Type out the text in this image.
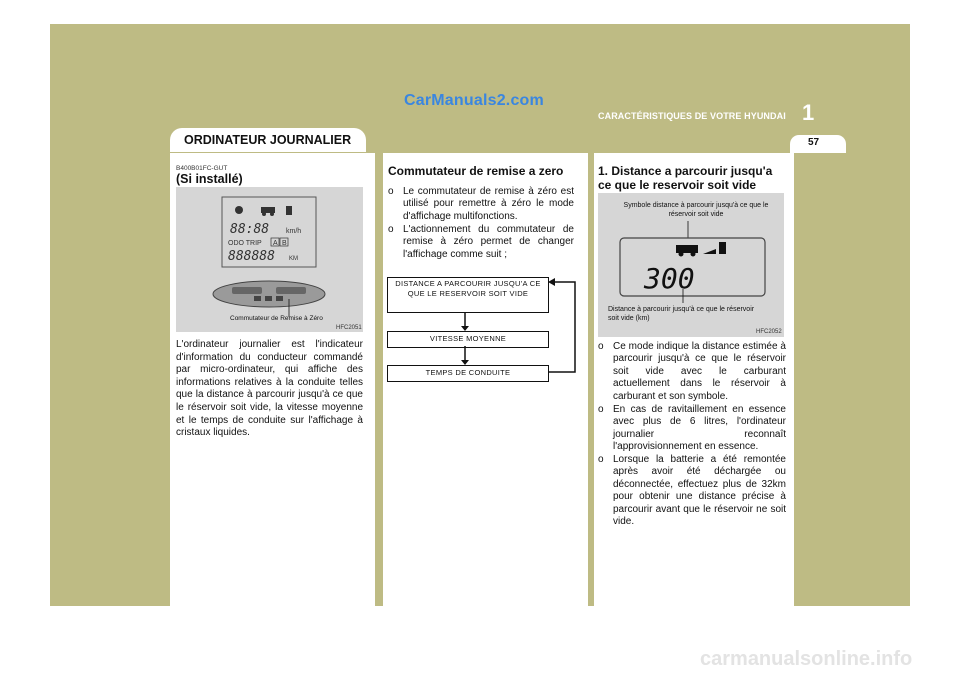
CarManuals2.com
CARACTÉRISTIQUES DE VOTRE HYUNDAI 1
ORDINATEUR JOURNALIER	57
B400B01FC-GUT
(Si installé)
88:88 km/h
ODO TRIP A B
888888 KM
Commutateur de Remise à Zéro
HFC2051
L'ordinateur journalier est l'indicateur d'information du conducteur commandé par micro-ordinateur, qui affiche des informations relatives à la conduite telles que la distance à parcourir jusqu'à ce que le réservoir soit vide, la vitesse moyenne et le temps de conduite sur l'affichage à cristaux liquides.
Commutateur de remise a zero
o Le commutateur de remise à zéro est utilisé pour remettre à zéro le mode d'affichage multifonctions.
o L'actionnement du commutateur de remise à zéro permet de changer l'affichage comme suit ;
DISTANCE A PARCOURIR JUSQU'A CE QUE LE RESERVOIR SOIT VIDE
VITESSE MOYENNE
TEMPS DE CONDUITE
1. Distance a parcourir jusqu'a ce que le reservoir soit vide
Symbole distance à parcourir jusqu'à ce que le réservoir soit vide
300
Distance à parcourir jusqu'à ce que le réservoir soit vide (km)
HFC2052
o Ce mode indique la distance estimée à parcourir jusqu'à ce que le réservoir soit vide avec le carburant actuellement dans le réservoir à carburant et son symbole.
o En cas de ravitaillement en essence avec plus de 6 litres, l'ordinateur journalier reconnaît l'approvisionnement en essence.
o Lorsque la batterie a été remontée après avoir été déchargée ou déconnectée, effectuez plus de 32km pour obtenir une distance précise à parcourir avant que le réservoir ne soit vide.
carmanualsonline.info
